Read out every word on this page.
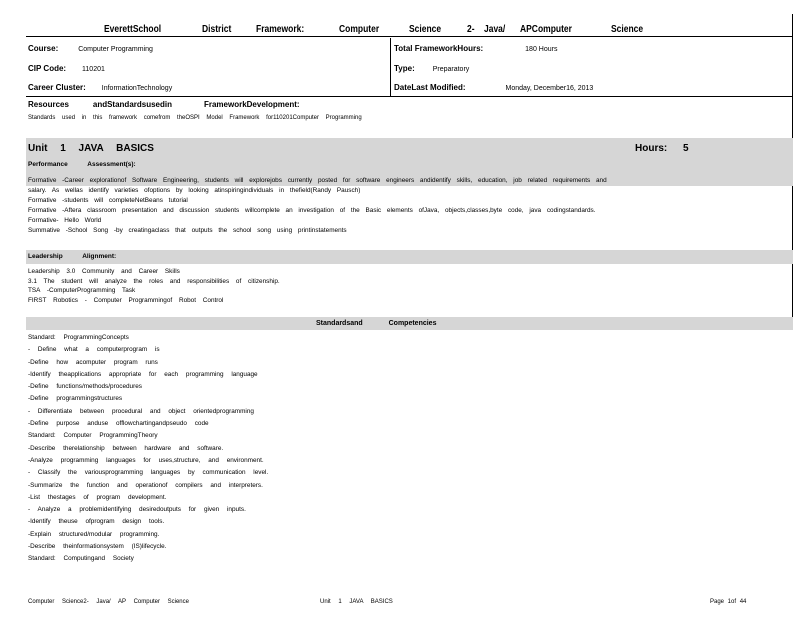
EverettSchool	District Framework:	Computer	Science	2- Java/ APComputer	Science
Course:	Computer Programming
CIP Code: 110201
Career Cluster: InformationTechnology
Total FrameworkHours:	180 Hours
Type:	Preparatory
DateLast Modified:	Monday, December16, 2013
Resources	andStandardsusedin	FrameworkDevelopment:
Standards used in this framework comefrom theOSPI Model Framework for110201Computer Programming
Unit 1 JAVA BASICS	Hours: 5
Performance Assessment(s):
Formative -Career explorationof Software Engineering, students will explorejobs currently posted for software engineers andidentify skills, education, job related requirements and
salary. As wellas identify varieties ofoptions by looking atinspiringindividuals in thefield(Randy Pausch)
Formative -students will completeNetBeans tutorial
Formative -Aftera classroom presentation and discussion students willcomplete an investigation of the Basic elements ofJava, objects,classes,byte code, java codingstandards.
Formative- Hello World
Summative -School Song -by creatingaclass that outputs the school song using printinstatements
Leadership Alignment:
Leadership 3.0 Community and Career Skills
3.1 The student will analyze the roles and responsibilities of citizenship.
TSA -ComputerProgramming Task
FIRST Robotics - Computer Programmingof Robot Control
Standardsand Competencies
Standard: ProgrammingConcepts
- Define what a computerprogram is
-Define how acomputer program runs
-Identify theapplications appropriate for each programming language
-Define functions/methods/procedures
-Define programmingstructures
- Differentiate between procedural and object orientedprogramming
-Define purpose anduse offlowchartingandpseudo code
Standard: Computer ProgrammingTheory
-Describe therelationship between hardware and software.
-Analyze programming languages for uses,structure, and environment.
- Classify the variousprogramming languages by communication level.
-Summarize the function and operationof compilers and interpreters.
-List thestages of program development.
- Analyze a problemidentifying desiredoutputs for given inputs.
-Identify theuse ofprogram design tools.
-Explain structured/modular programming.
-Describe theinformationsystem (IS)lifecycle.
Standard: Computingand Society
Computer Science2- Java/ AP Computer Science	Unit 1 JAVA BASICS	Page 1of 44
